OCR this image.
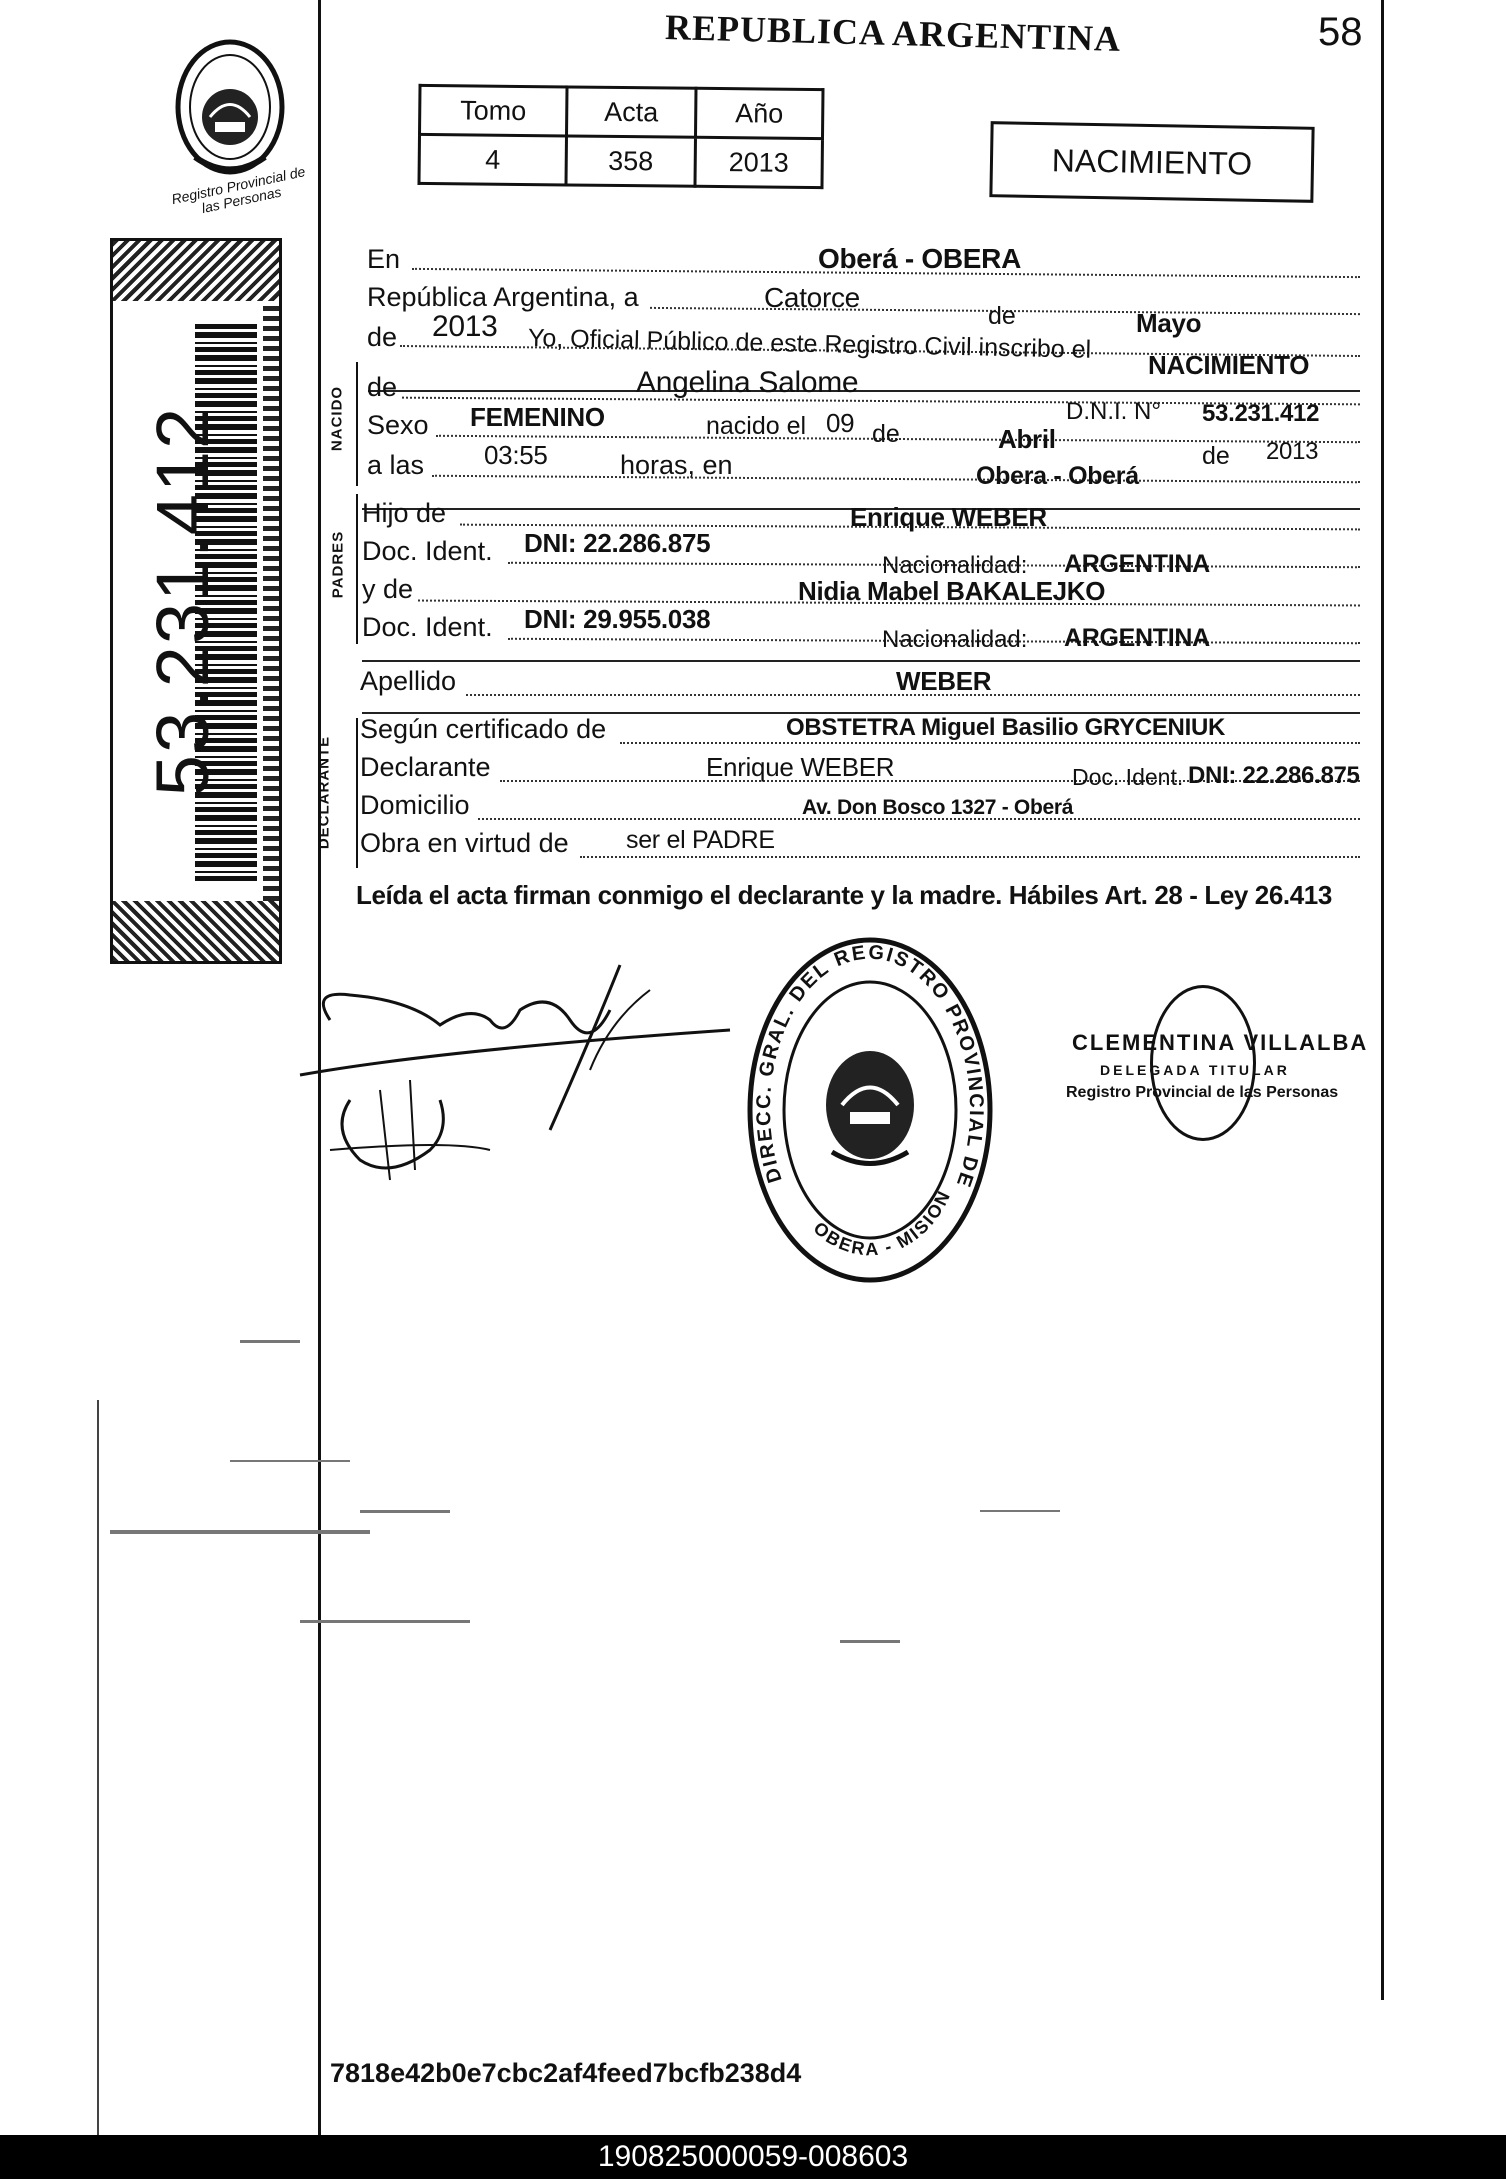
Registro Provincial de las Personas
53.231.412
REPUBLICA ARGENTINA	58
Tomo	Acta	Año
4	358	2013	NACIMIENTO
En	Oberá - OBERA
República Argentina, a	Catorce
de	Mayo
de 2013 Yo, Oficial Público de este Registro Civil inscribo el
NACIMIENTO
NACIDO de	Angelina Salome
Sexo FEMENINO	nacido el 09 de	Abril
D.N.I. N° 53.231.412
a las 03:55	horas, en	Obera - Oberá
de 2013
PADRES
Hijo de	Enrique WEBER
Doc. Ident. DNI: 22.286.875
Nacionalidad: ARGENTINA
y de	Nidia Mabel BAKALEJKO
Doc. Ident. DNI: 29.955.038
Nacionalidad: ARGENTINA
Apellido	WEBER
DECLARANTE
Según certificado de	OBSTETRA Miguel Basilio GRYCENIUK
Declarante	Enrique WEBER	Doc. Ident. DNI: 22.286.875
Domicilio	Av. Don Bosco 1327 - Oberá
Obra en virtud de ser el PADRE
Leída el acta firman conmigo el declarante y la madre. Hábiles Art. 28 - Ley 26.413
DIRECC. GRAL. DEL REGISTRO PROVINCIAL DE
OBERA - MISION
CLEMENTINA VILLALBA
DELEGADA TITULAR
Registro Provincial de las Personas
7818e42b0e7cbc2af4feed7bcfb238d4
190825000059-008603
